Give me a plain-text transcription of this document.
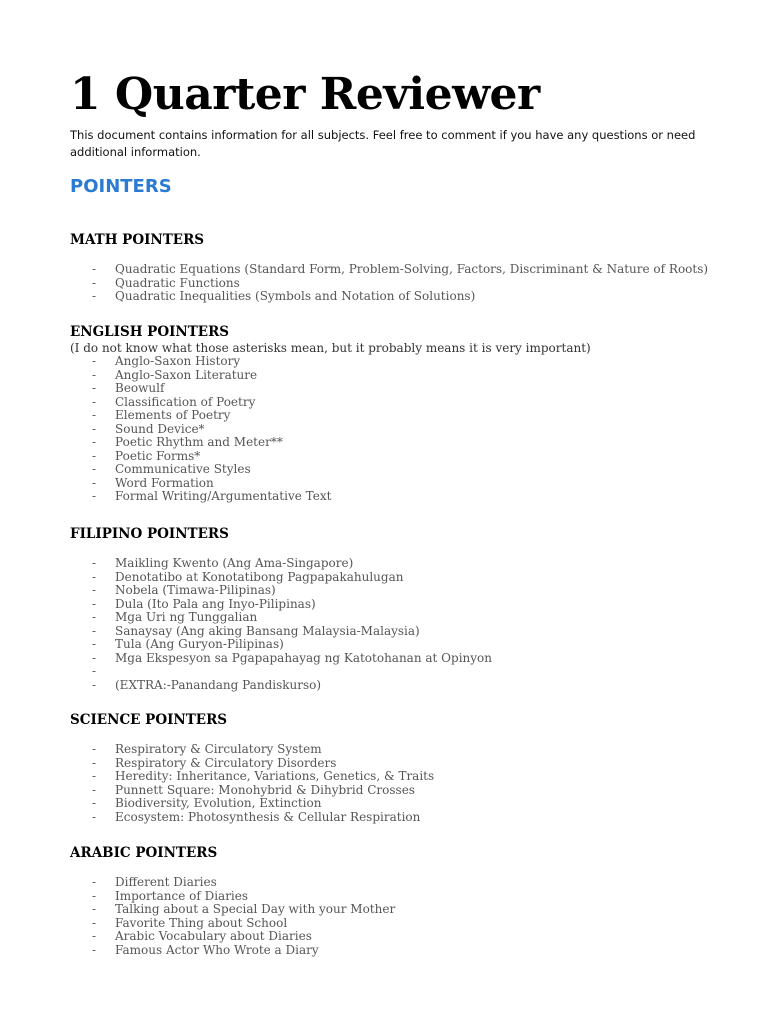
1 Quarter Reviewer

This document contains information for all subjects. Feel free to comment if you have any questions or need additional information.

POINTERS
MATH POINTERS
- Quadratic Equations (Standard Form, Problem-Solving, Factors, Discriminant & Nature of Roots)
- Quadratic Functions
- Quadratic Inequalities (Symbols and Notation of Solutions)
ENGLISH POINTERS

(I do not know what those asterisks mean, but it probably means it is very important)

- Anglo-Saxon History
- Anglo-Saxon Literature
- Beowulf
- Classification of Poetry
- Elements of Poetry
- Sound Device*
- Poetic Rhythm and Meter**
- Poetic Forms*
- Communicative Styles
- Word Formation
- Formal Writing/Argumentative Text
FILIPINO POINTERS
- Maikling Kwento (Ang Ama-Singapore)
- Denotatibo at Konotatibong Pagpapakahulugan
- Nobela (Timawa-Pilipinas)
- Dula (Ito Pala ang Inyo-Pilipinas)
- Mga Uri ng Tunggalian
- Sanaysay (Ang aking Bansang Malaysia-Malaysia)
- Tula (Ang Guryon-Pilipinas)
- Mga Ekspesyon sa Pgapapahayag ng Katotohanan at Opinyon
-
- (EXTRA:-Panandang Pandiskurso)
SCIENCE POINTERS
- Respiratory & Circulatory System
- Respiratory & Circulatory Disorders
- Heredity: Inheritance, Variations, Genetics, & Traits
- Punnett Square: Monohybrid & Dihybrid Crosses
- Biodiversity, Evolution, Extinction
- Ecosystem: Photosynthesis & Cellular Respiration
ARABIC POINTERS
- Different Diaries
- Importance of Diaries
- Talking about a Special Day with your Mother
- Favorite Thing about School
- Arabic Vocabulary about Diaries
- Famous Actor Who Wrote a Diary
